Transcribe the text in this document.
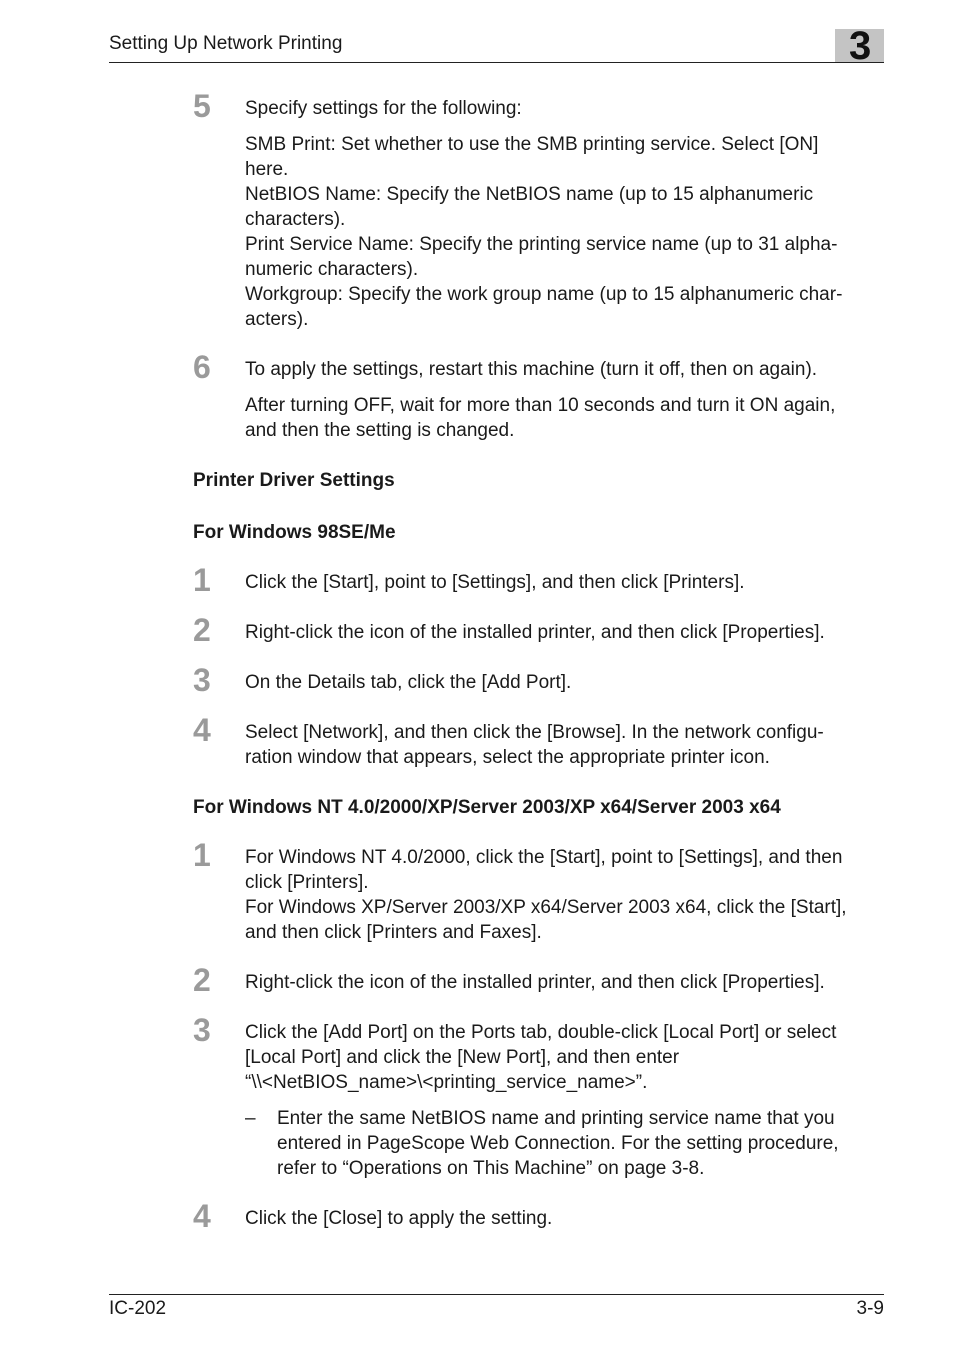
Setting Up Network Printing	3
5 Specify settings for the following:
SMB Print: Set whether to use the SMB printing service. Select [ON]
here.
NetBIOS Name: Specify the NetBIOS name (up to 15 alphanumeric
characters).
Print Service Name: Specify the printing service name (up to 31 alpha-
numeric characters).
Workgroup: Specify the work group name (up to 15 alphanumeric char-
acters).
6 To apply the settings, restart this machine (turn it off, then on again).
After turning OFF, wait for more than 10 seconds and turn it ON again,
and then the setting is changed.
Printer Driver Settings
For Windows 98SE/Me
1 Click the [Start], point to [Settings], and then click [Printers].
2 Right-click the icon of the installed printer, and then click [Properties].
3 On the Details tab, click the [Add Port].
4 Select [Network], and then click the [Browse]. In the network configu-
ration window that appears, select the appropriate printer icon.
For Windows NT 4.0/2000/XP/Server 2003/XP x64/Server 2003 x64
1 For Windows NT 4.0/2000, click the [Start], point to [Settings], and then
click [Printers].
For Windows XP/Server 2003/XP x64/Server 2003 x64, click the [Start],
and then click [Printers and Faxes].
2 Right-click the icon of the installed printer, and then click [Properties].
3 Click the [Add Port] on the Ports tab, double-click [Local Port] or select
[Local Port] and click the [New Port], and then enter
“\\<NetBIOS_name>\<printing_service_name>”.
– Enter the same NetBIOS name and printing service name that you
entered in PageScope Web Connection. For the setting procedure,
refer to “Operations on This Machine” on page 3-8.
4 Click the [Close] to apply the setting.
IC-202	3-9
